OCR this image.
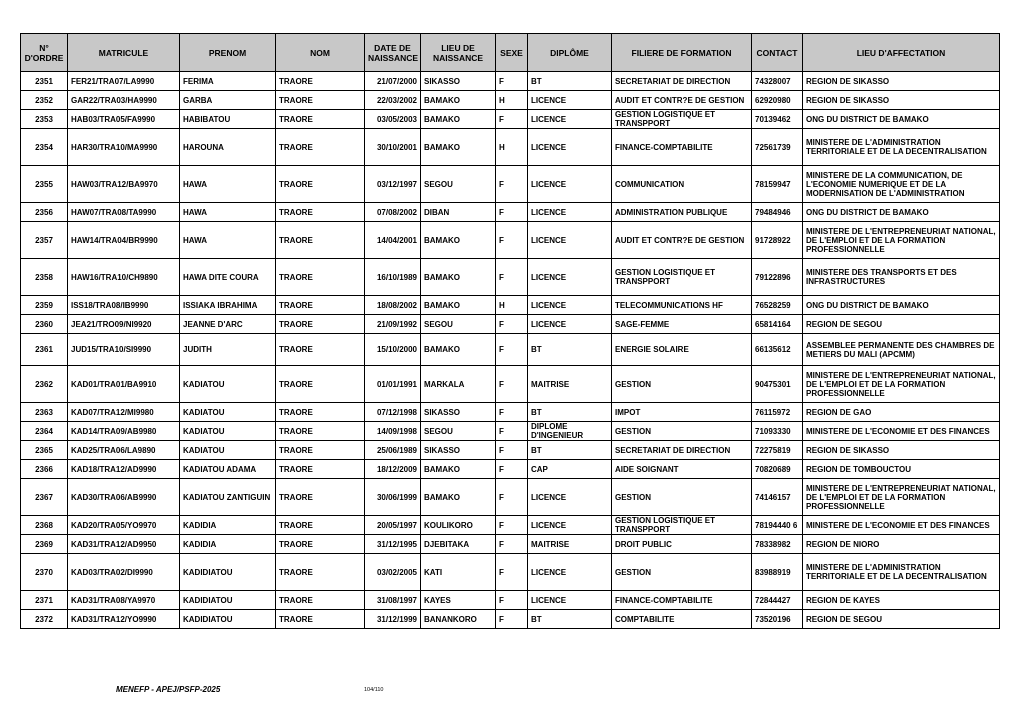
N° D'ORDRE	MATRICULE	PRENOM	NOM	DATE DE NAISSANCE	LIEU DE NAISSANCE	SEXE	DIPLÔME	FILIERE DE FORMATION	CONTACT	LIEU D'AFFECTATION
2351	FER21/TRA07/LA9990	FERIMA	TRAORE	21/07/2000	SIKASSO	F	BT	SECRETARIAT DE DIRECTION	74328007	REGION DE SIKASSO
2352	GAR22/TRA03/HA9990	GARBA	TRAORE	22/03/2002	BAMAKO	H	LICENCE	AUDIT ET CONTR?E DE GESTION	62920980	REGION DE SIKASSO
2353	HAB03/TRA05/FA9990	HABIBATOU	TRAORE	03/05/2003	BAMAKO	F	LICENCE	GESTION LOGISTIQUE ET TRANSPPORT	70139462	ONG DU DISTRICT DE BAMAKO
2354	HAR30/TRA10/MA9990	HAROUNA	TRAORE	30/10/2001	BAMAKO	H	LICENCE	FINANCE-COMPTABILITE	72561739	MINISTERE DE L'ADMINISTRATION TERRITORIALE ET DE LA DECENTRALISATION
2355	HAW03/TRA12/BA9970	HAWA	TRAORE	03/12/1997	SEGOU	F	LICENCE	COMMUNICATION	78159947	MINISTERE DE LA COMMUNICATION, DE L'ECONOMIE NUMERIQUE ET DE LA MODERNISATION DE L'ADMINISTRATION
2356	HAW07/TRA08/TA9990	HAWA	TRAORE	07/08/2002	DIBAN	F	LICENCE	ADMINISTRATION PUBLIQUE	79484946	ONG DU DISTRICT DE BAMAKO
2357	HAW14/TRA04/BR9990	HAWA	TRAORE	14/04/2001	BAMAKO	F	LICENCE	AUDIT ET CONTR?E DE GESTION	91728922	MINISTERE DE L'ENTREPRENEURIAT NATIONAL, DE L'EMPLOI ET DE LA FORMATION PROFESSIONNELLE
2358	HAW16/TRA10/CH9890	HAWA DITE COURA	TRAORE	16/10/1989	BAMAKO	F	LICENCE	GESTION LOGISTIQUE ET TRANSPPORT	79122896	MINISTERE DES TRANSPORTS ET DES INFRASTRUCTURES
2359	ISS18/TRA08/IB9990	ISSIAKA IBRAHIMA	TRAORE	18/08/2002	BAMAKO	H	LICENCE	TELECOMMUNICATIONS HF	76528259	ONG DU DISTRICT DE BAMAKO
2360	JEA21/TRO09/NI9920	JEANNE D'ARC	TRAORE	21/09/1992	SEGOU	F	LICENCE	SAGE-FEMME	65814164	REGION DE SEGOU
2361	JUD15/TRA10/SI9990	JUDITH	TRAORE	15/10/2000	BAMAKO	F	BT	ENERGIE SOLAIRE	66135612	ASSEMBLEE PERMANENTE DES CHAMBRES DE METIERS DU MALI (APCMM)
2362	KAD01/TRA01/BA9910	KADIATOU	TRAORE	01/01/1991	MARKALA	F	MAITRISE	GESTION	90475301	MINISTERE DE L'ENTREPRENEURIAT NATIONAL, DE L'EMPLOI ET DE LA FORMATION PROFESSIONNELLE
2363	KAD07/TRA12/MI9980	KADIATOU	TRAORE	07/12/1998	SIKASSO	F	BT	IMPOT	76115972	REGION DE GAO
2364	KAD14/TRA09/AB9980	KADIATOU	TRAORE	14/09/1998	SEGOU	F	DIPLOME D'INGENIEUR	GESTION	71093330	MINISTERE DE L'ECONOMIE ET DES FINANCES
2365	KAD25/TRA06/LA9890	KADIATOU	TRAORE	25/06/1989	SIKASSO	F	BT	SECRETARIAT DE DIRECTION	72275819	REGION DE SIKASSO
2366	KAD18/TRA12/AD9990	KADIATOU ADAMA	TRAORE	18/12/2009	BAMAKO	F	CAP	AIDE SOIGNANT	70820689	REGION DE TOMBOUCTOU
2367	KAD30/TRA06/AB9990	KADIATOU ZANTIGUIN	TRAORE	30/06/1999	BAMAKO	F	LICENCE	GESTION	74146157	MINISTERE DE L'ENTREPRENEURIAT NATIONAL, DE L'EMPLOI ET DE LA FORMATION PROFESSIONNELLE
2368	KAD20/TRA05/YO9970	KADIDIA	TRAORE	20/05/1997	KOULIKORO	F	LICENCE	GESTION LOGISTIQUE ET TRANSPPORT	78194440 6	MINISTERE DE L'ECONOMIE ET DES FINANCES
2369	KAD31/TRA12/AD9950	KADIDIA	TRAORE	31/12/1995	DJEBITAKA	F	MAITRISE	DROIT PUBLIC	78338982	REGION DE NIORO
2370	KAD03/TRA02/DI9990	KADIDIATOU	TRAORE	03/02/2005	KATI	F	LICENCE	GESTION	83988919	MINISTERE DE L'ADMINISTRATION TERRITORIALE ET DE LA DECENTRALISATION
2371	KAD31/TRA08/YA9970	KADIDIATOU	TRAORE	31/08/1997	KAYES	F	LICENCE	FINANCE-COMPTABILITE	72844427	REGION DE KAYES
2372	KAD31/TRA12/YO9990	KADIDIATOU	TRAORE	31/12/1999	BANANKORO	F	BT	COMPTABILITE	73520196	REGION DE SEGOU
MENEFP - APEJ/PSFP-2025	104/110
